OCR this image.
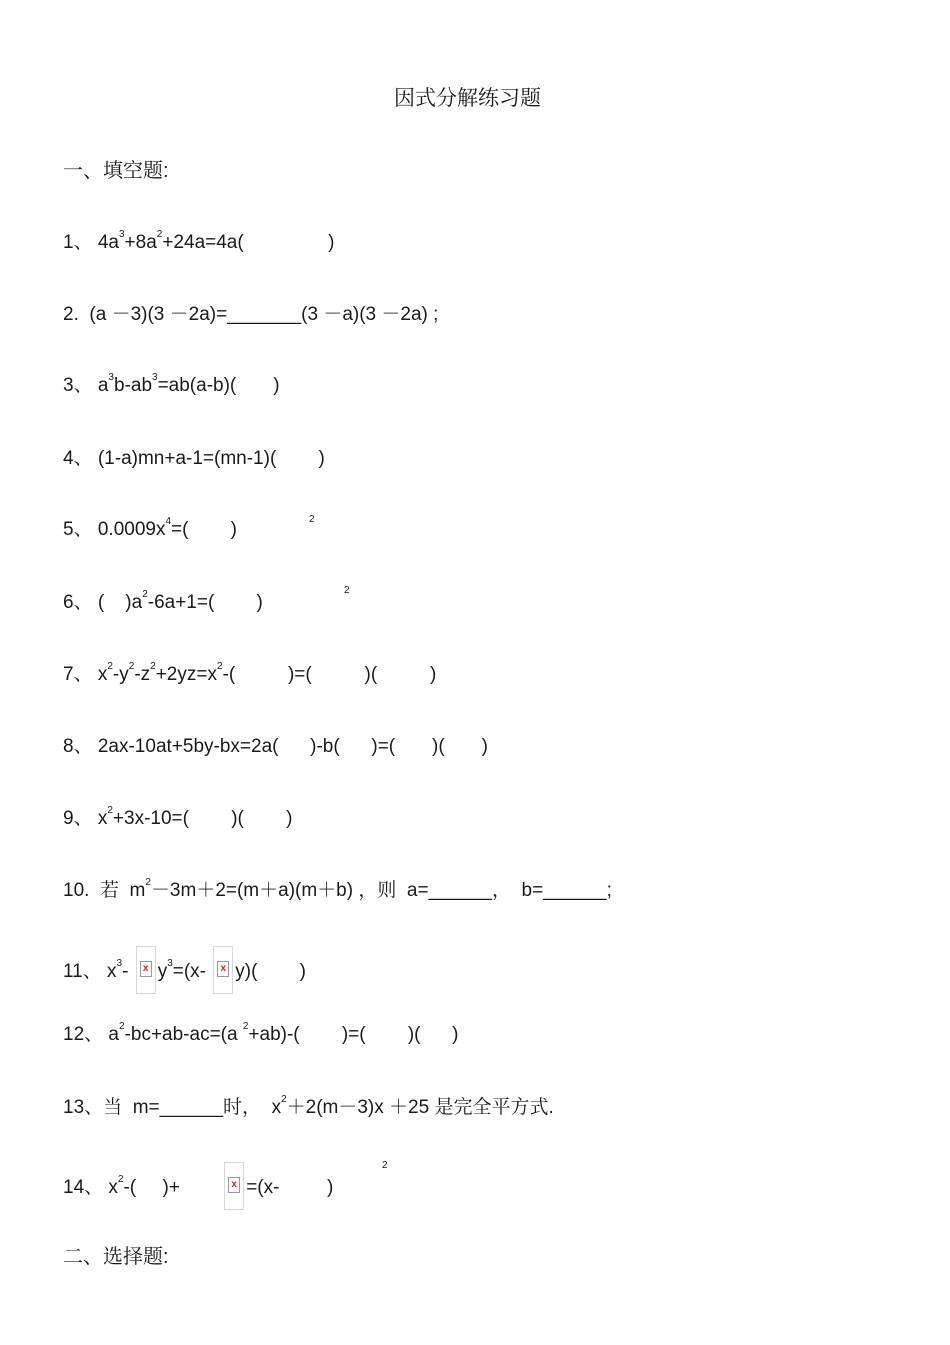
因式分解练习题
一、填空题:
1、 $4a^3+8a^2+24a=4a$(                )
2.  (a －3)(3 －2a)=_______(3 －a)(3 －2a) ;
3、 $a^3b-ab^3=ab(a-b)$(       )
4、 (1-a)mn+a-1=(mn-1)(        )
5、 $0.0009x^4=$(        )	2
6、 (    )$a^2-6a+1=$(        )
2
7、 $x^2-y^2-z^2+2yz=x^2-$(          )=(          )(          )
8、 2ax-10at+5by-bx=2a(      )-b(      )=(       )(       )
9、 $x^2+3x-10=$(        )(        )
10.  若  $m^2-3m+2=(m+a)(m+b)$ ，则  a=______，  b=______;
11、 $x^3-$ x $y^3=(x-$ x y)(        )
12、 $a^2-bc+ab-ac=(a$ $^2$+ab)-(        )=(        )(      )
13、当  m=______时，  $x^2+2(m-3)x +25$ 是完全平方式.
14、 $x^2-$(     )+ x =(x-         )
2
二、选择题:
